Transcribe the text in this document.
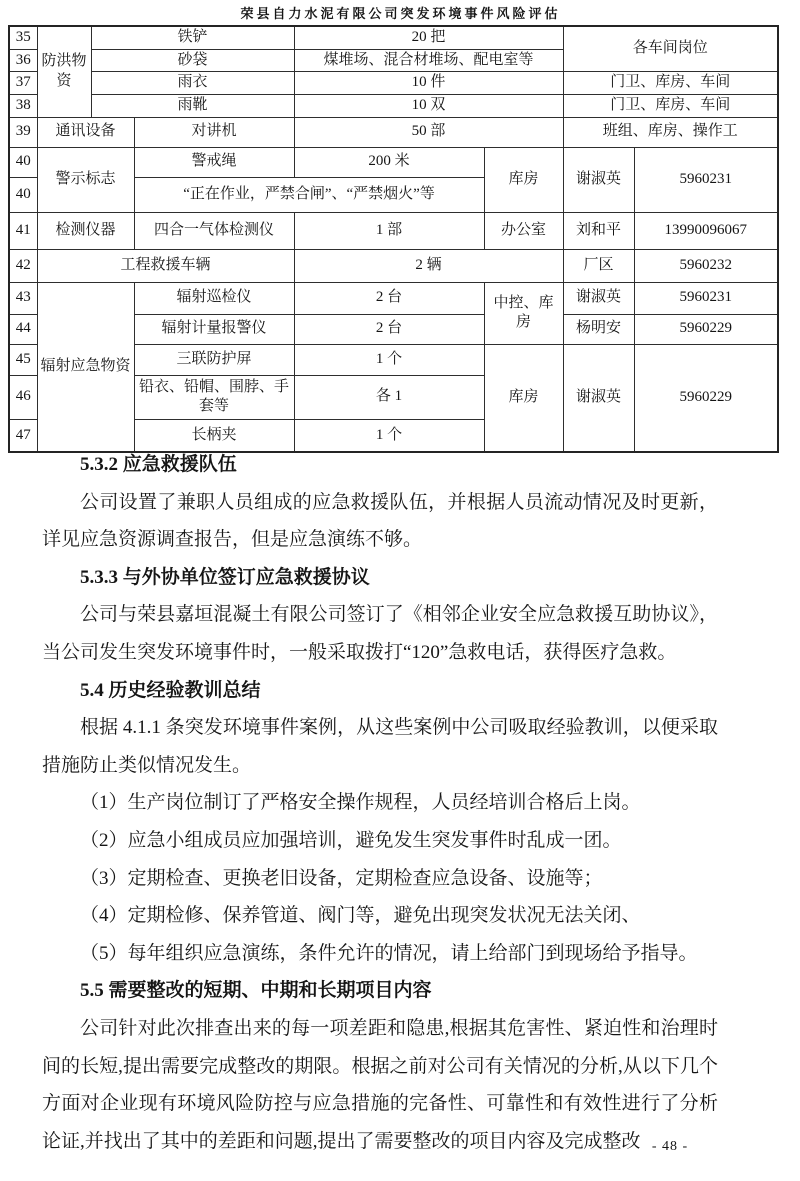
荣县自力水泥有限公司突发环境事件风险评估
35	防洪物资	铁铲		20 把		各车间岗位	
36		砂袋		煤堆场、混合材堆场、配电室等			
37		雨衣		10 件		门卫、库房、车间	
38		雨靴		10 双		门卫、库房、车间	
39	通讯设备		对讲机	50 部		班组、库房、操作工	
40	警示标志		警戒绳	200 米	库房	谢淑英	5960231
40			“正在作业，严禁合闸”、“严禁烟火”等				
41	检测仪器		四合一气体检测仪	1 部	办公室	刘和平	13990096067
42	工程救援车辆			2 辆		厂区	5960232
43	辐射应急物资		辐射巡检仪	2 台	中控、库房	谢淑英	5960231
44			辐射计量报警仪	2 台		杨明安	5960229
45			三联防护屏	1 个	库房	谢淑英	5960229
46			铅衣、铅帽、围脖、手套等	各 1			
47			长柄夹	1 个			

5.3.2 应急救援队伍

公司设置了兼职人员组成的应急救援队伍，并根据人员流动情况及时更新，详见应急资源调查报告，但是应急演练不够。

5.3.3 与外协单位签订应急救援协议

公司与荣县嘉垣混凝土有限公司签订了《相邻企业安全应急救援互助协议》，当公司发生突发环境事件时，一般采取拨打“120”急救电话，获得医疗急救。

5.4 历史经验教训总结

根据 4.1.1 条突发环境事件案例，从这些案例中公司吸取经验教训，以便采取措施防止类似情况发生。

（1）生产岗位制订了严格安全操作规程，人员经培训合格后上岗。

（2）应急小组成员应加强培训，避免发生突发事件时乱成一团。

（3）定期检查、更换老旧设备，定期检查应急设备、设施等；

（4）定期检修、保养管道、阀门等，避免出现突发状况无法关闭、

（5）每年组织应急演练，条件允许的情况，请上给部门到现场给予指导。

5.5 需要整改的短期、中期和长期项目内容

公司针对此次排查出来的每一项差距和隐患,根据其危害性、紧迫性和治理时间的长短,提出需要完成整改的期限。根据之前对公司有关情况的分析,从以下几个方面对企业现有环境风险防控与应急措施的完备性、可靠性和有效性进行了分析论证,并找出了其中的差距和问题,提出了需要整改的项目内容及完成整改 - 48 -
